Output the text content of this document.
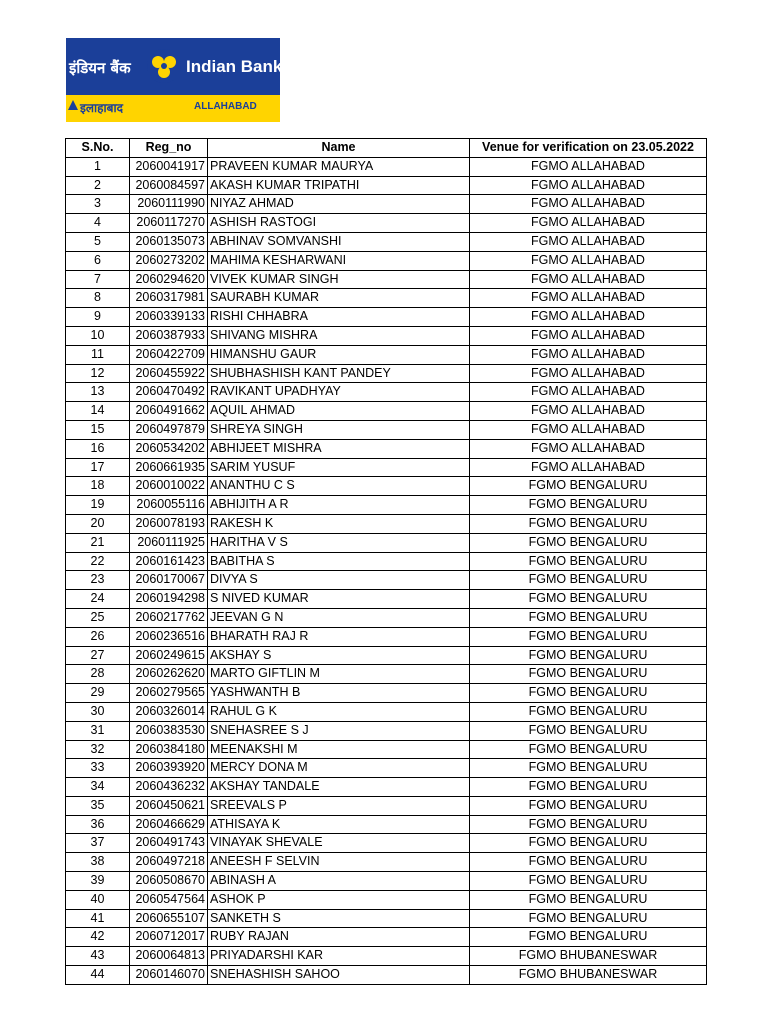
इंडियन बैंक	Indian Bank
इलाहाबाद	ALLAHABAD
S.No.	Reg_no	Name	Venue for verification on 23.05.2022
1	2060041917	PRAVEEN KUMAR MAURYA	FGMO ALLAHABAD
2	2060084597	AKASH KUMAR TRIPATHI	FGMO ALLAHABAD
3	2060111990	NIYAZ AHMAD	FGMO ALLAHABAD
4	2060117270	ASHISH RASTOGI	FGMO ALLAHABAD
5	2060135073	ABHINAV SOMVANSHI	FGMO ALLAHABAD
6	2060273202	MAHIMA KESHARWANI	FGMO ALLAHABAD
7	2060294620	VIVEK KUMAR SINGH	FGMO ALLAHABAD
8	2060317981	SAURABH KUMAR	FGMO ALLAHABAD
9	2060339133	RISHI CHHABRA	FGMO ALLAHABAD
10	2060387933	SHIVANG MISHRA	FGMO ALLAHABAD
11	2060422709	HIMANSHU GAUR	FGMO ALLAHABAD
12	2060455922	SHUBHASHISH KANT PANDEY	FGMO ALLAHABAD
13	2060470492	RAVIKANT UPADHYAY	FGMO ALLAHABAD
14	2060491662	AQUIL AHMAD	FGMO ALLAHABAD
15	2060497879	SHREYA SINGH	FGMO ALLAHABAD
16	2060534202	ABHIJEET MISHRA	FGMO ALLAHABAD
17	2060661935	SARIM YUSUF	FGMO ALLAHABAD
18	2060010022	ANANTHU C S	FGMO BENGALURU
19	2060055116	ABHIJITH A R	FGMO BENGALURU
20	2060078193	RAKESH K	FGMO BENGALURU
21	2060111925	HARITHA V S	FGMO BENGALURU
22	2060161423	BABITHA S	FGMO BENGALURU
23	2060170067	DIVYA S	FGMO BENGALURU
24	2060194298	S NIVED KUMAR	FGMO BENGALURU
25	2060217762	JEEVAN G N	FGMO BENGALURU
26	2060236516	BHARATH RAJ R	FGMO BENGALURU
27	2060249615	AKSHAY S	FGMO BENGALURU
28	2060262620	MARTO GIFTLIN M	FGMO BENGALURU
29	2060279565	YASHWANTH B	FGMO BENGALURU
30	2060326014	RAHUL G K	FGMO BENGALURU
31	2060383530	SNEHASREE S J	FGMO BENGALURU
32	2060384180	MEENAKSHI M	FGMO BENGALURU
33	2060393920	MERCY DONA M	FGMO BENGALURU
34	2060436232	AKSHAY TANDALE	FGMO BENGALURU
35	2060450621	SREEVALS P	FGMO BENGALURU
36	2060466629	ATHISAYA K	FGMO BENGALURU
37	2060491743	VINAYAK SHEVALE	FGMO BENGALURU
38	2060497218	ANEESH F SELVIN	FGMO BENGALURU
39	2060508670	ABINASH A	FGMO BENGALURU
40	2060547564	ASHOK P	FGMO BENGALURU
41	2060655107	SANKETH S	FGMO BENGALURU
42	2060712017	RUBY RAJAN	FGMO BENGALURU
43	2060064813	PRIYADARSHI KAR	FGMO BHUBANESWAR
44	2060146070	SNEHASHISH SAHOO	FGMO BHUBANESWAR
